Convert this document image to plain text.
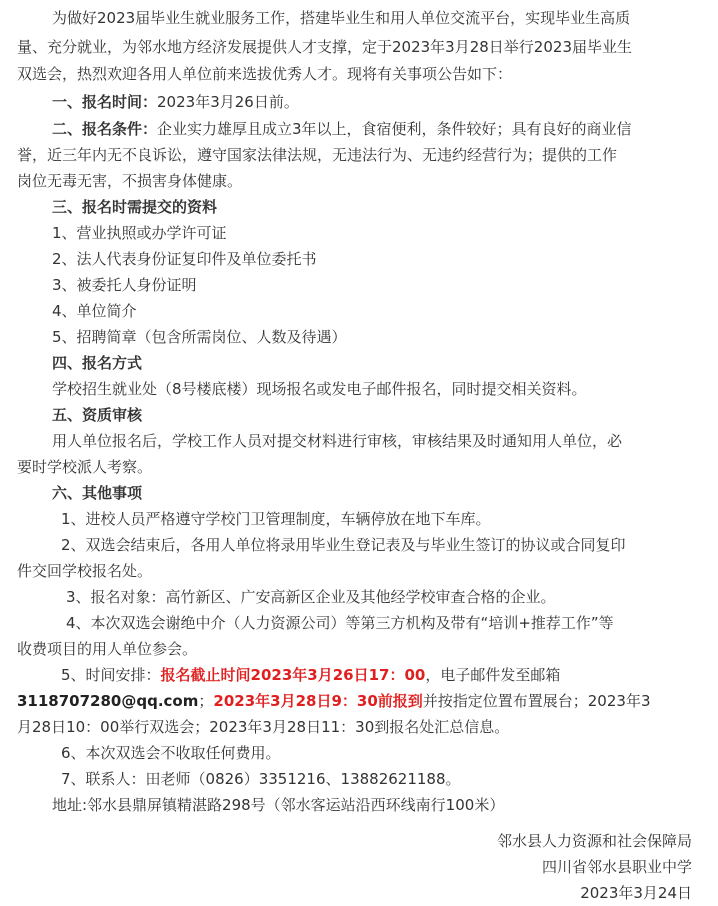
为做好2023届毕业生就业服务工作，搭建毕业生和用人单位交流平台，实现毕业生高质
量、充分就业，为邻水地方经济发展提供人才支撑，定于2023年3月28日举行2023届毕业生
双选会，热烈欢迎各用人单位前来选拔优秀人才。现将有关事项公告如下：
一、报名时间：2023年3月26日前。
二、报名条件：企业实力雄厚且成立3年以上，食宿便利，条件较好；具有良好的商业信
誉，近三年内无不良诉讼，遵守国家法律法规，无违法行为、无违约经营行为；提供的工作
岗位无毒无害，不损害身体健康。
三、报名时需提交的资料
1、营业执照或办学许可证
2、法人代表身份证复印件及单位委托书
3、被委托人身份证明
4、单位简介
5、招聘简章（包含所需岗位、人数及待遇）
四、报名方式
学校招生就业处（8号楼底楼）现场报名或发电子邮件报名，同时提交相关资料。
五、资质审核
用人单位报名后，学校工作人员对提交材料进行审核，审核结果及时通知用人单位，必
要时学校派人考察。
六、其他事项
1、进校人员严格遵守学校门卫管理制度，车辆停放在地下车库。
2、双选会结束后，各用人单位将录用毕业生登记表及与毕业生签订的协议或合同复印
件交回学校报名处。
3、报名对象：高竹新区、广安高新区企业及其他经学校审查合格的企业。
4、本次双选会谢绝中介（人力资源公司）等第三方机构及带有“培训+推荐工作”等
收费项目的用人单位参会。
5、时间安排：报名截止时间2023年3月26日17：00，电子邮件发至邮箱
3118707280@qq.com；2023年3月28日9：30前报到并按指定位置布置展台；2023年3
月28日10：00举行双选会；2023年3月28日11：30到报名处汇总信息。
6、本次双选会不收取任何费用。
7、联系人：田老师（0826）3351216、13882621188。
地址:邻水县鼎屏镇精湛路298号（邻水客运站沿西环线南行100米）
邻水县人力资源和社会保障局
四川省邻水县职业中学
2023年3月24日
